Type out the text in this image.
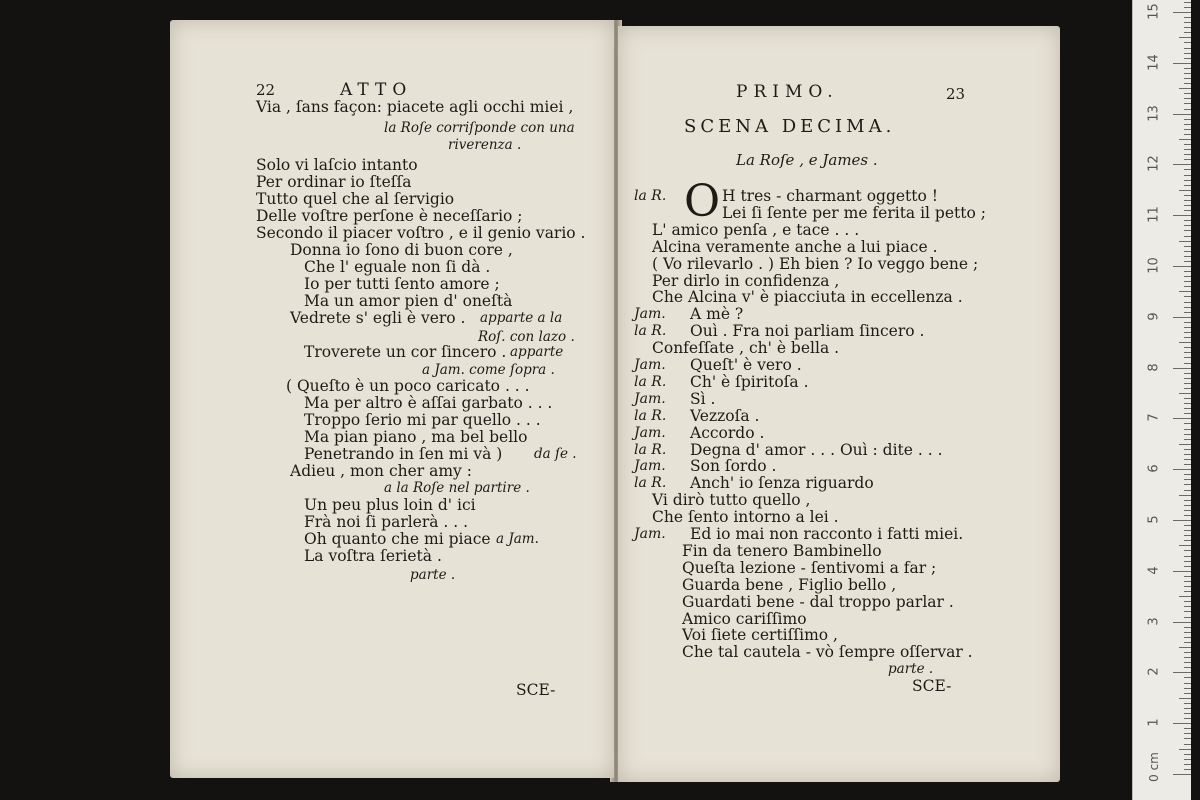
22	ATTO
Via , ſans façon: piacete agli occhi miei ,
la Roſe corriſponde con una
riverenza .
Solo vi laſcio intanto
Per ordinar io ſteſſa
Tutto quel che al ſervigio
Delle voſtre perſone è neceſſario ;
Secondo il piacer voſtro , e il genio vario .
Donna io ſono di buon core ,
Che l' eguale non ſi dà .
Io per tutti ſento amore ;
Ma un amor pien d' oneſtà
Vedrete s' egli è vero . apparte a la
Roſ. con lazo .
Troverete un cor ſincero . apparte
a Jam. come ſopra .
( Queſto è un poco caricato . . .
Ma per altro è aſſai garbato . . .
Troppo ſerio mi par quello . . .
Ma pian piano , ma bel bello
Penetrando in ſen mi và ) da ſe .
Adieu , mon cher amy :
a la Roſe nel partire .
Un peu plus loin d' ici
Frà noi ſi parlerà . . .
Oh quanto che mi piace a Jam.
La voſtra ſerietà .
parte .
SCE-
PRIMO.	23
SCENA DECIMA.
La Roſe , e James .
la R. O H tres - charmant oggetto !
Lei ſi ſente per me ferita il petto ;
L' amico penſa , e tace . . .
Alcina veramente anche a lui piace .
( Vo rilevarlo . ) Eh bien ? Io veggo bene ;
Per dirlo in confidenza ,
Che Alcina v' è piacciuta in eccellenza .
Jam. A mè ?
la R. Ouì . Fra noi parliam ſincero .
Confeſſate , ch' è bella .
Jam. Queſt' è vero .
la R. Ch' è ſpiritoſa .
Jam. Sì .
la R. Vezzoſa .
Jam. Accordo .
la R. Degna d' amor . . . Ouì : dite . . .
Jam. Son ſordo .
la R. Anch' io ſenza riguardo
Vi dirò tutto quello ,
Che ſento intorno a lei .
Jam. Ed io mai non racconto i fatti miei.
Fin da tenero Bambinello
Queſta lezione - ſentivomi a far ;
Guarda bene , Figlio bello ,
Guardati bene - dal troppo parlar .
Amico cariſſimo
Voi ſiete certiſſimo ,
Che tal cautela - vò ſempre oſſervar .
parte .
SCE-
1
2
3
4
5
6
7
8
9
10
11
12
13
14
15
0 cm
